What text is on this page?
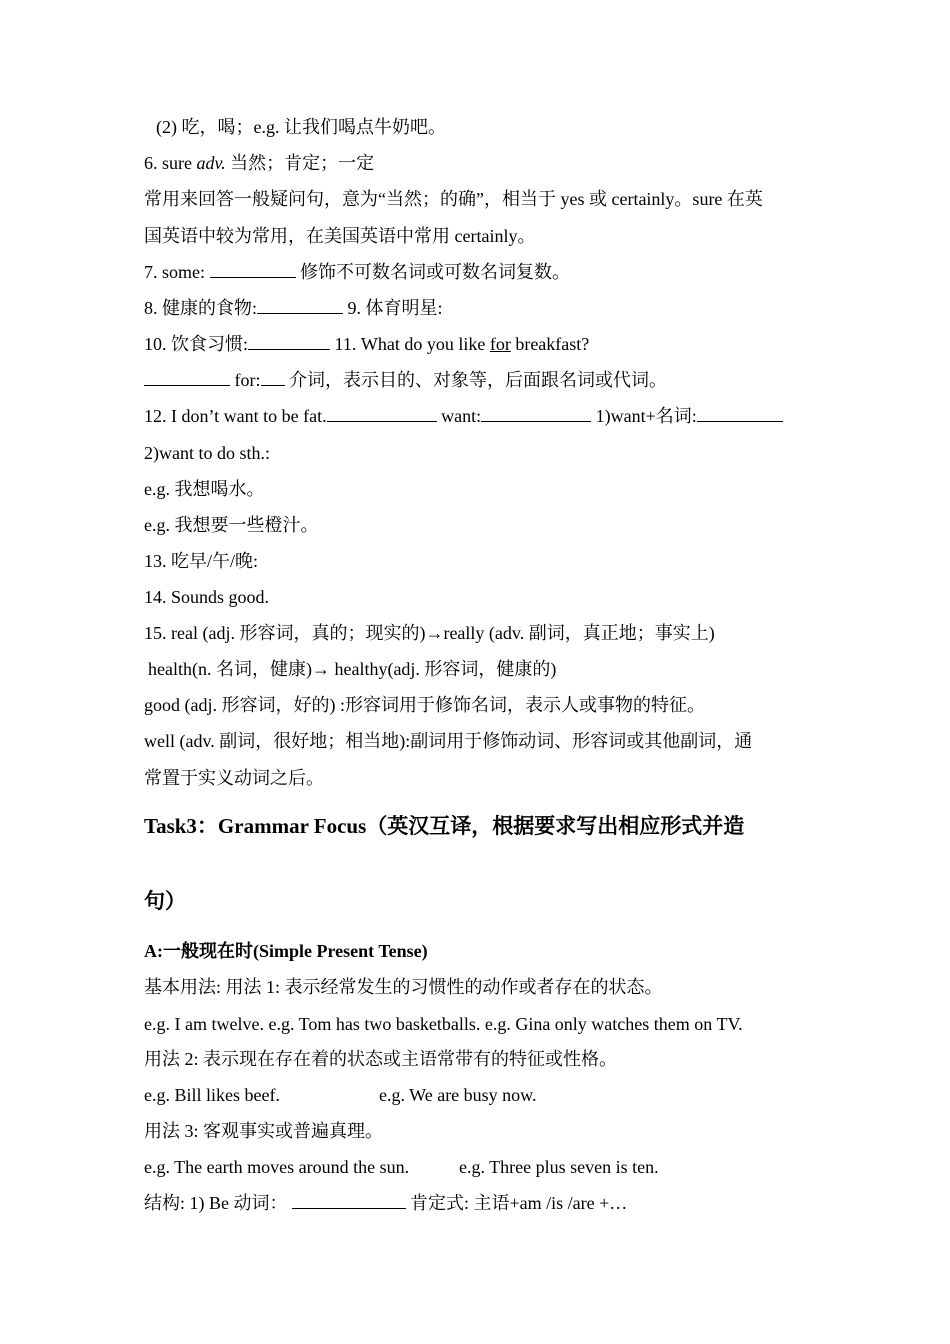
(2) 吃，喝；e.g. 让我们喝点牛奶吧。
6. sure adv. 当然；肯定；一定
常用来回答一般疑问句，意为“当然；的确”，相当于 yes 或 certainly。sure 在英
国英语中较为常用，在美国英语中常用 certainly。
7. some:	修饰不可数名词或可数名词复数。
8. 健康的食物:	9. 体育明星:
10. 饮食习惯:	11. What do you like for breakfast?
for: 介词，表示目的、对象等，后面跟名词或代词。
12. I don’t want to be fat.	want:	1)want+名词:
2)want to do sth.:
e.g. 我想喝水。
e.g. 我想要一些橙汁。
13. 吃早/午/晚:
14. Sounds good.
15. real (adj. 形容词，真的；现实的)→really (adv. 副词，真正地；事实上)
health(n. 名词，健康)→ healthy(adj. 形容词，健康的)
good (adj. 形容词，好的) :形容词用于修饰名词，表示人或事物的特征。
well (adv. 副词，很好地；相当地):副词用于修饰动词、形容词或其他副词，通
常置于实义动词之后。
Task3：Grammar Focus（英汉互译，根据要求写出相应形式并造
句）
A:一般现在时(Simple Present Tense)
基本用法: 用法 1: 表示经常发生的习惯性的动作或者存在的状态。
e.g. I am twelve. e.g. Tom has two basketballs. e.g. Gina only watches them on TV.
用法 2: 表示现在存在着的状态或主语常带有的特征或性格。
e.g. Bill likes beef.	e.g. We are busy now.
用法 3: 客观事实或普遍真理。
e.g. The earth moves around the sun.	e.g. Three plus seven is ten.
结构: 1) Be 动词：	肯定式: 主语+am /is /are +…
